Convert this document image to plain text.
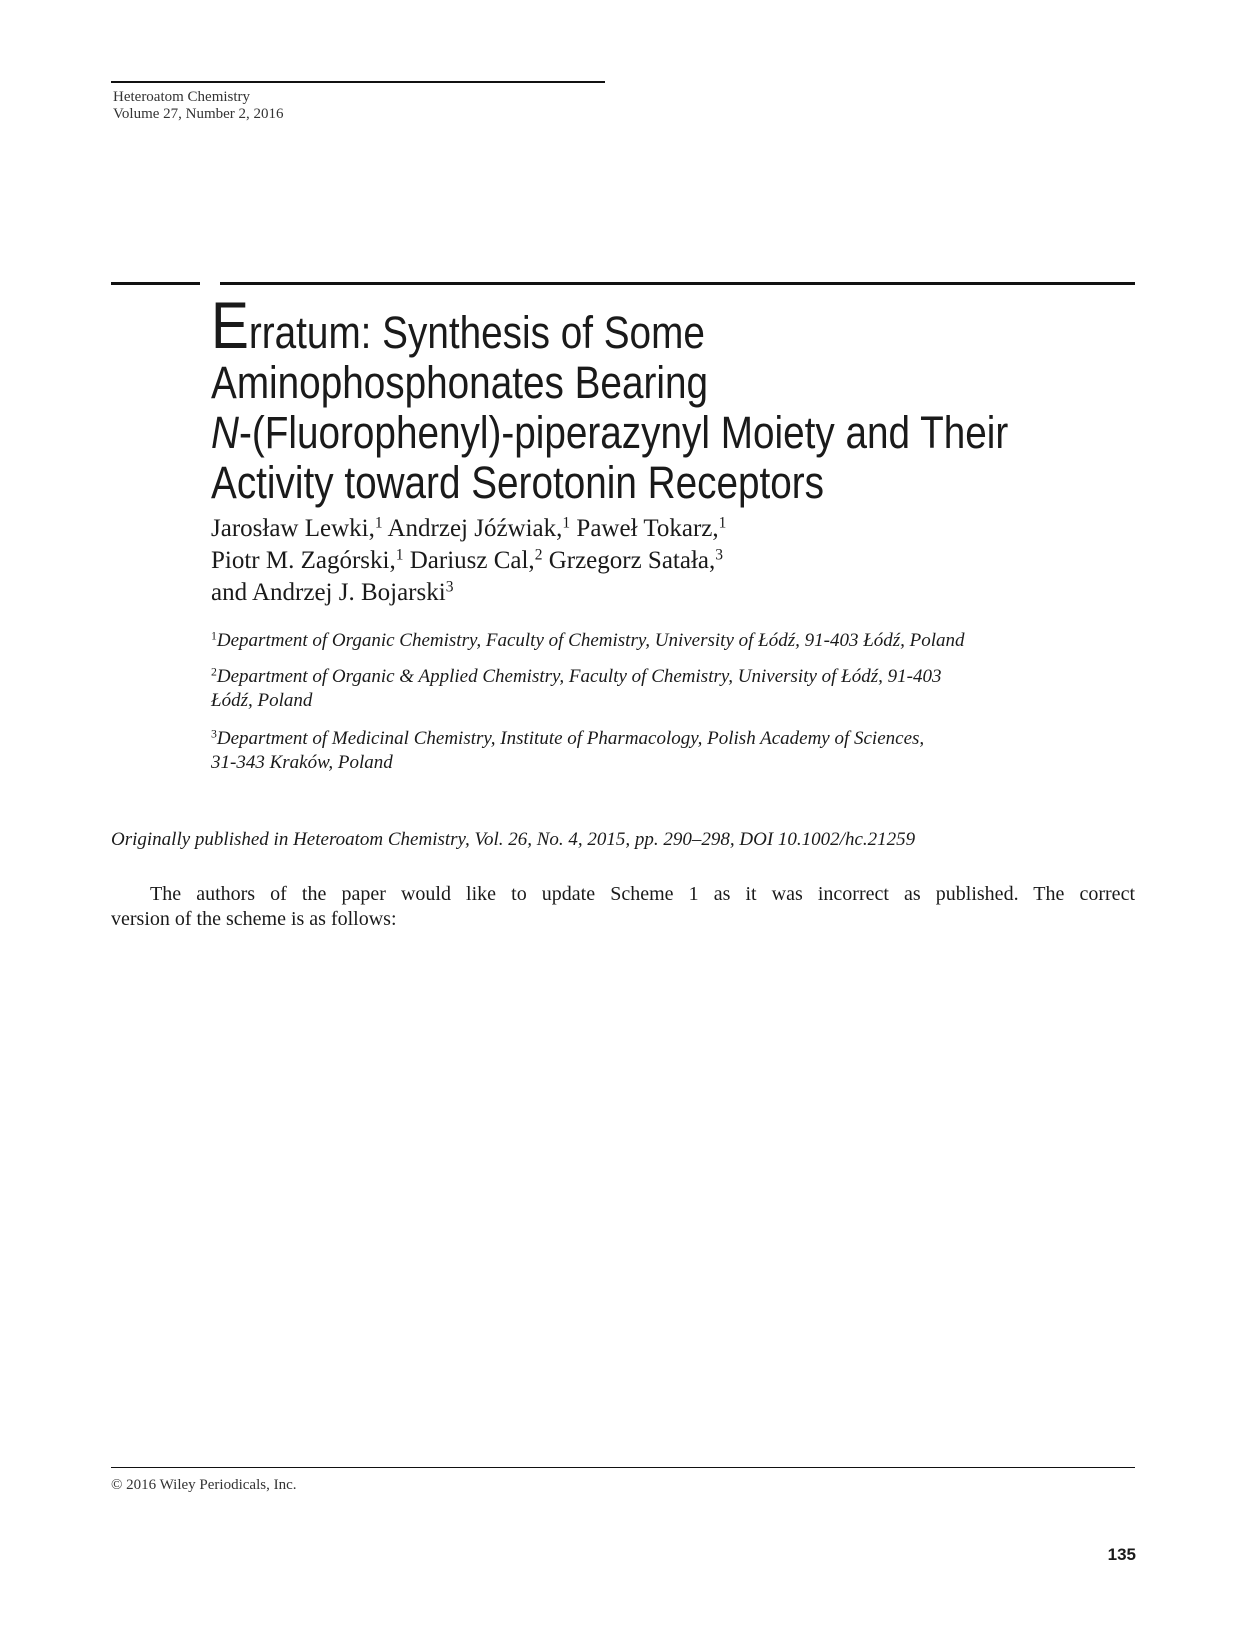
Heteroatom Chemistry
Volume 27, Number 2, 2016
Erratum: Synthesis of Some
Aminophosphonates Bearing
N-(Fluorophenyl)-piperazynyl Moiety and Their
Activity toward Serotonin Receptors
Jarosław Lewki,$^1$ Andrzej Jóźwiak,$^1$ Paweł Tokarz,$^1$
Piotr M. Zagórski,$^1$ Dariusz Cal,$^2$ Grzegorz Satała,$^3$
and Andrzej J. Bojarski$^3$
$^1$Department of Organic Chemistry, Faculty of Chemistry, University of Łódź, 91-403 Łódź, Poland
$^2$Department of Organic & Applied Chemistry, Faculty of Chemistry, University of Łódź, 91-403
Łódź, Poland
$^3$Department of Medicinal Chemistry, Institute of Pharmacology, Polish Academy of Sciences,
31-343 Kraków, Poland
Originally published in Heteroatom Chemistry, Vol. 26, No. 4, 2015, pp. 290–298, DOI 10.1002/hc.21259
The authors of the paper would like to update Scheme 1 as it was incorrect as published. The correct
version of the scheme is as follows:
© 2016 Wiley Periodicals, Inc.
135
